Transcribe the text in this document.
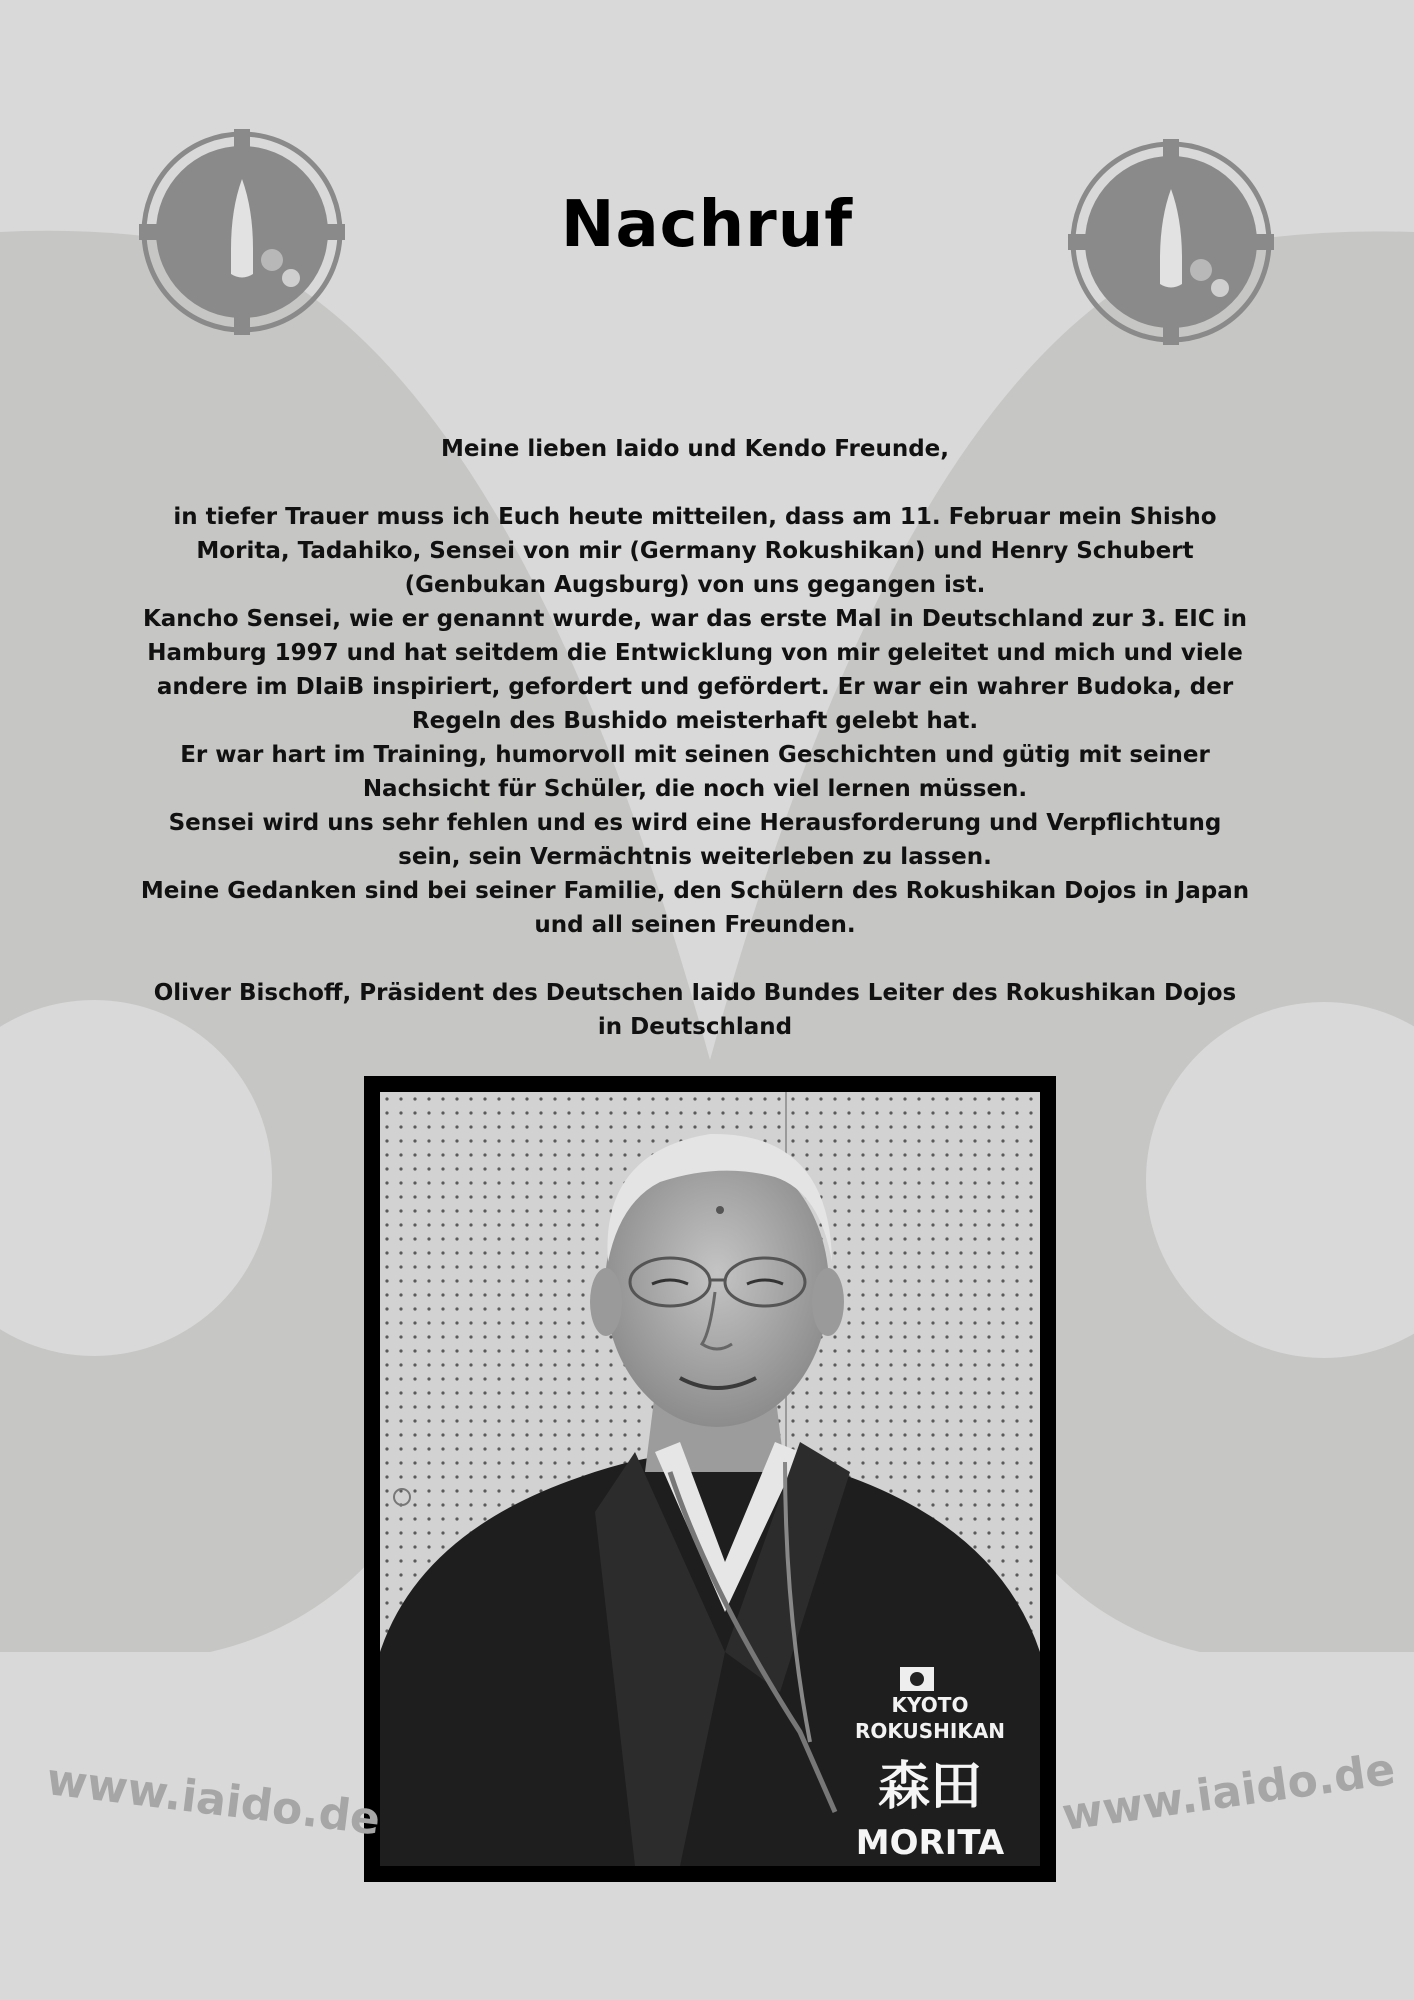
Nachruf

Meine lieben Iaido und Kendo Freunde,

in tiefer Trauer muss ich Euch heute mitteilen, dass am 11. Februar mein Shisho Morita, Tadahiko, Sensei von mir (Germany Rokushikan) und Henry Schubert (Genbukan Augsburg) von uns gegangen ist.

Kancho Sensei, wie er genannt wurde, war das erste Mal in Deutschland zur 3. EIC in Hamburg 1997 und hat seitdem die Entwicklung von mir geleitet und mich und viele andere im DIaiB inspiriert, gefordert und gefördert. Er war ein wahrer Budoka, der Regeln des Bushido meisterhaft gelebt hat.

Er war hart im Training, humorvoll mit seinen Geschichten und gütig mit seiner Nachsicht für Schüler, die noch viel lernen müssen.

Sensei wird uns sehr fehlen und es wird eine Herausforderung und Verpflichtung sein, sein Vermächtnis weiterleben zu lassen.

Meine Gedanken sind bei seiner Familie, den Schülern des Rokushikan Dojos in Japan und all seinen Freunden.

Oliver Bischoff, Präsident des Deutschen Iaido Bundes Leiter des Rokushikan Dojos in Deutschland

KYOTO
ROKUSHIKAN
森田
MORITA
www.iaido.de	www.iaido.de
